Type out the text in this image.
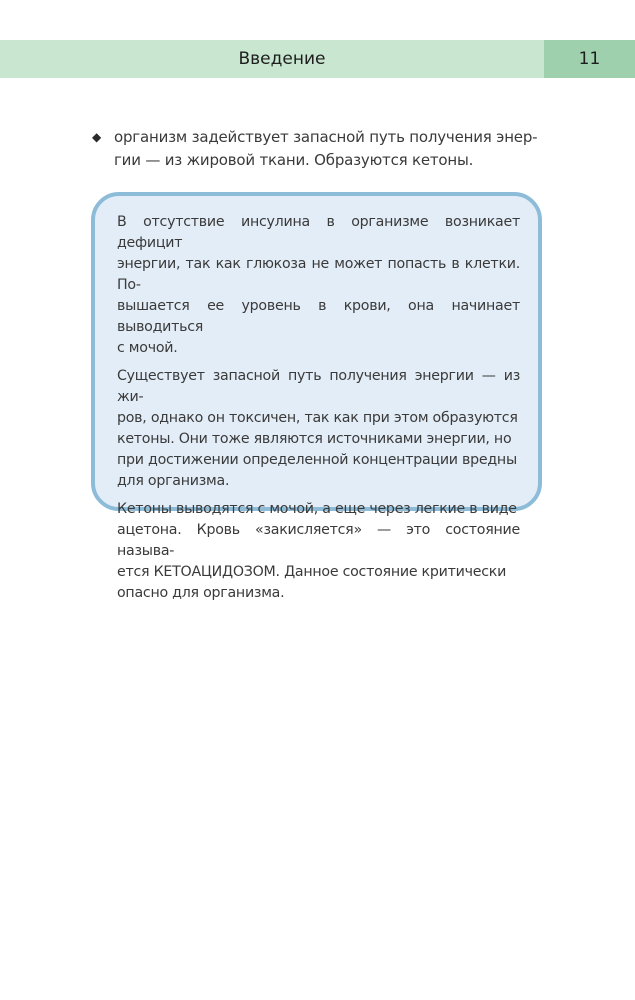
Введение	11
◆ организм задействует запасной путь получения энер-
гии — из жировой ткани. Образуются кетоны.

В отсутствие инсулина в организме возникает дефицит
энергии, так как глюкоза не может попасть в клетки. По-
вышается ее уровень в крови, она начинает выводиться
с мочой.

Существует запасной путь получения энергии — из жи-
ров, однако он токсичен, так как при этом образуются
кетоны. Они тоже являются источниками энергии, но
при достижении определенной концентрации вредны
для организма.

Кетоны выводятся с мочой, а еще через легкие в виде
ацетона. Кровь «закисляется» — это состояние называ-
ется КЕТОАЦИДОЗОМ. Данное состояние критически
опасно для организма.
